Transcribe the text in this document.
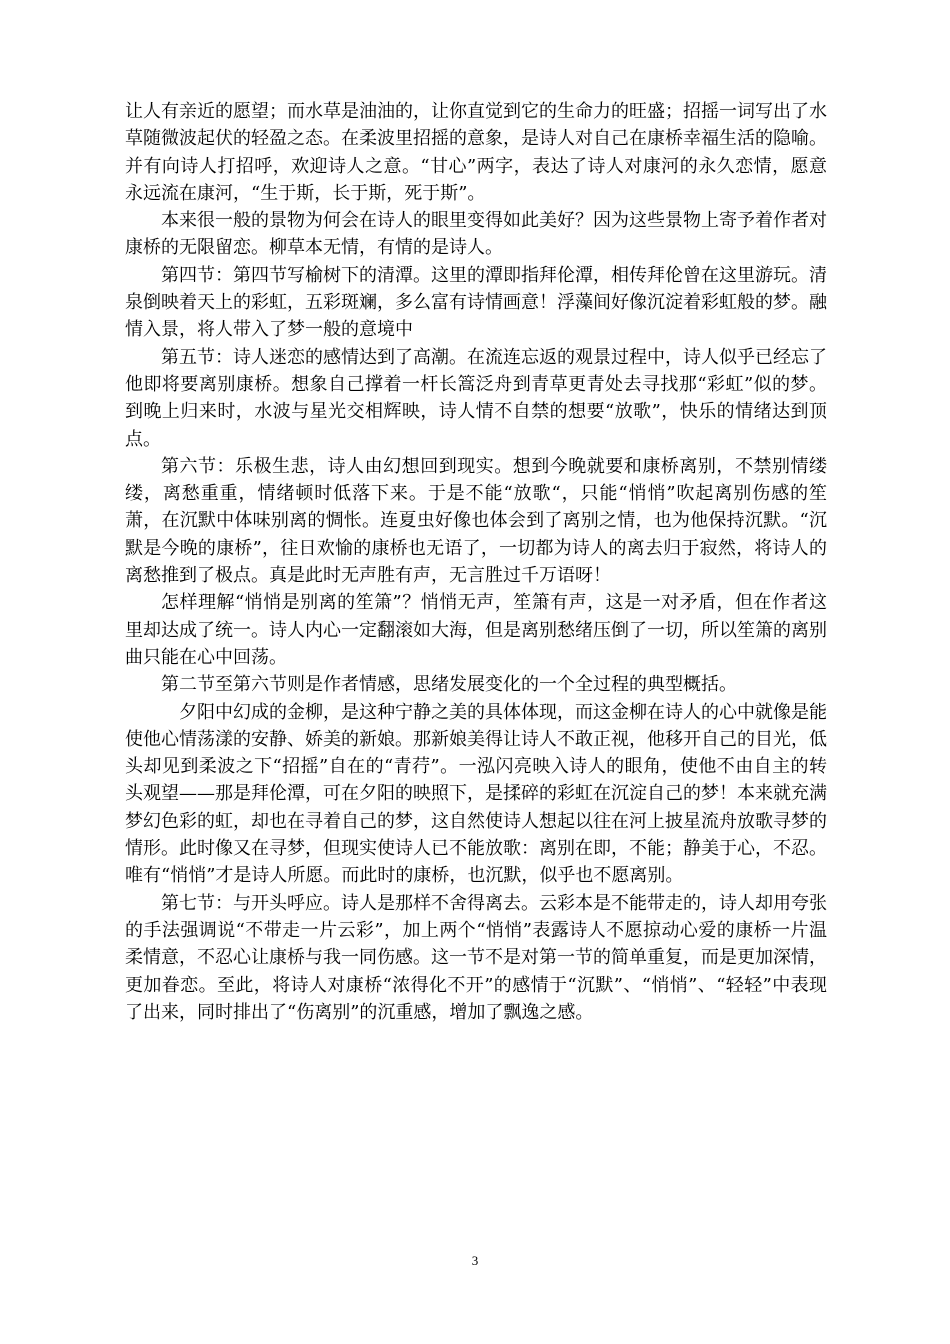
让人有亲近的愿望；而水草是油油的，让你直觉到它的生命力的旺盛；招摇一词写出了水草随微波起伏的轻盈之态。在柔波里招摇的意象，是诗人对自己在康桥幸福生活的隐喻。并有向诗人打招呼，欢迎诗人之意。“甘心”两字，表达了诗人对康河的永久恋情，愿意永远流在康河，“生于斯，长于斯，死于斯”。

本来很一般的景物为何会在诗人的眼里变得如此美好？因为这些景物上寄予着作者对康桥的无限留恋。柳草本无情，有情的是诗人。

第四节：第四节写榆树下的清潭。这里的潭即指拜伦潭，相传拜伦曾在这里游玩。清泉倒映着天上的彩虹，五彩斑斓，多么富有诗情画意！浮藻间好像沉淀着彩虹般的梦。融情入景，将人带入了梦一般的意境中

第五节：诗人迷恋的感情达到了高潮。在流连忘返的观景过程中，诗人似乎已经忘了他即将要离别康桥。想象自己撑着一杆长篙泛舟到青草更青处去寻找那“彩虹”似的梦。到晚上归来时，水波与星光交相辉映，诗人情不自禁的想要“放歌”，快乐的情绪达到顶点。

第六节：乐极生悲，诗人由幻想回到现实。想到今晚就要和康桥离别，不禁别情缕缕，离愁重重，情绪顿时低落下来。于是不能“放歌“，只能“悄悄”吹起离别伤感的笙萧，在沉默中体味别离的惆怅。连夏虫好像也体会到了离别之情，也为他保持沉默。“沉默是今晚的康桥”，往日欢愉的康桥也无语了，一切都为诗人的离去归于寂然，将诗人的离愁推到了极点。真是此时无声胜有声，无言胜过千万语呀！

怎样理解“悄悄是别离的笙箫”？悄悄无声，笙箫有声，这是一对矛盾，但在作者这里却达成了统一。诗人内心一定翻滚如大海，但是离别愁绪压倒了一切，所以笙箫的离别曲只能在心中回荡。

第二节至第六节则是作者情感，思绪发展变化的一个全过程的典型概括。

夕阳中幻成的金柳，是这种宁静之美的具体体现，而这金柳在诗人的心中就像是能使他心情荡漾的安静、娇美的新娘。那新娘美得让诗人不敢正视，他移开自己的目光，低头却见到柔波之下“招摇”自在的“青荇”。一泓闪亮映入诗人的眼角，使他不由自主的转头观望——那是拜伦潭，可在夕阳的映照下，是揉碎的彩虹在沉淀自己的梦！本来就充满梦幻色彩的虹，却也在寻着自己的梦，这自然使诗人想起以往在河上披星流舟放歌寻梦的情形。此时像又在寻梦，但现实使诗人已不能放歌：离别在即，不能；静美于心，不忍。唯有“悄悄”才是诗人所愿。而此时的康桥，也沉默，似乎也不愿离别。

第七节：与开头呼应。诗人是那样不舍得离去。云彩本是不能带走的，诗人却用夸张的手法强调说“不带走一片云彩”，加上两个“悄悄”表露诗人不愿掠动心爱的康桥一片温柔情意，不忍心让康桥与我一同伤感。这一节不是对第一节的简单重复，而是更加深情，更加眷恋。至此，将诗人对康桥“浓得化不开”的感情于“沉默”、“悄悄”、“轻轻”中表现了出来，同时排出了“伤离别”的沉重感，增加了飘逸之感。

3
